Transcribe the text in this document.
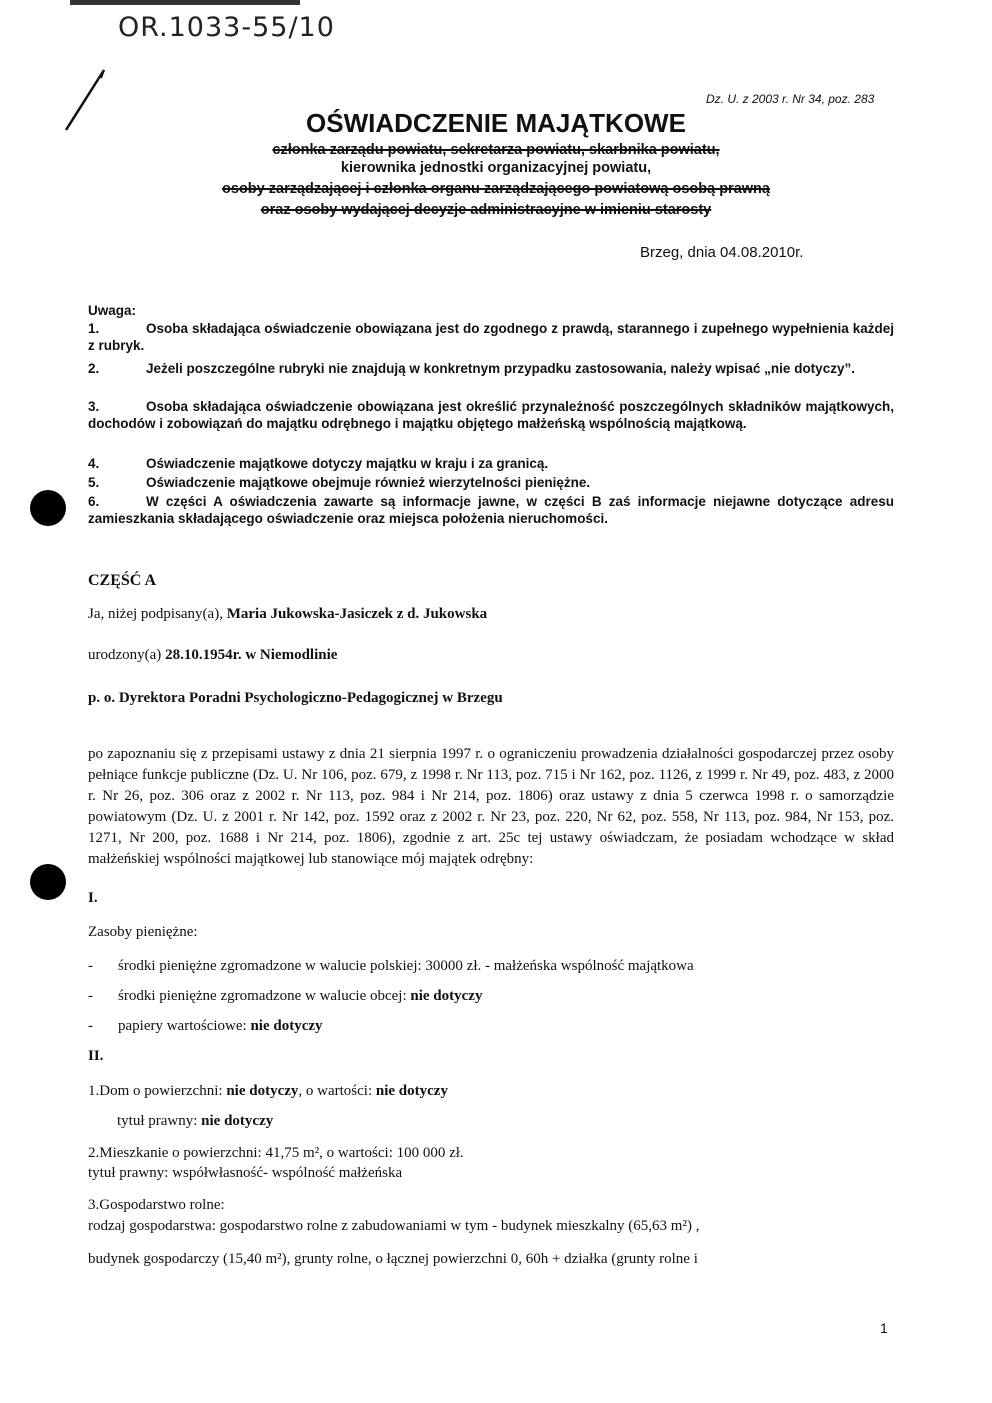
OR.1033-55/10
Dz. U. z 2003 r. Nr 34, poz. 283
OŚWIADCZENIE MAJĄTKOWE
członka zarządu powiatu, sekretarza powiatu, skarbnika powiatu,
kierownika jednostki organizacyjnej powiatu,
osoby zarządzającej i członka organu zarządzającego powiatową osobą prawną
oraz osoby wydającej decyzje administracyjne w imieniu starosty
Brzeg, dnia 04.08.2010r.
Uwaga:
1.	Osoba składająca oświadczenie obowiązana jest do zgodnego z prawdą, starannego i zupełnego wypełnienia każdej z rubryk.
2.	Jeżeli poszczególne rubryki nie znajdują w konkretnym przypadku zastosowania, należy wpisać „nie dotyczy”.
3.	Osoba składająca oświadczenie obowiązana jest określić przynależność poszczególnych składników majątkowych, dochodów i zobowiązań do majątku odrębnego i majątku objętego małżeńską wspólnością majątkową.
4.	Oświadczenie majątkowe dotyczy majątku w kraju i za granicą.
5.	Oświadczenie majątkowe obejmuje również wierzytelności pieniężne.
6.	W części A oświadczenia zawarte są informacje jawne, w części B zaś informacje niejawne dotyczące adresu zamieszkania składającego oświadczenie oraz miejsca położenia nieruchomości.
CZĘŚĆ A
Ja, niżej podpisany(a), Maria Jukowska-Jasiczek z d. Jukowska
urodzony(a) 28.10.1954r. w Niemodlinie
p. o. Dyrektora Poradni Psychologiczno-Pedagogicznej w Brzegu
po zapoznaniu się z przepisami ustawy z dnia 21 sierpnia 1997 r. o ograniczeniu prowadzenia działalności gospodarczej przez osoby pełniące funkcje publiczne (Dz. U. Nr 106, poz. 679, z 1998 r. Nr 113, poz. 715 i Nr 162, poz. 1126, z 1999 r. Nr 49, poz. 483, z 2000 r. Nr 26, poz. 306 oraz z 2002 r. Nr 113, poz. 984 i Nr 214, poz. 1806) oraz ustawy z dnia 5 czerwca 1998 r. o samorządzie powiatowym (Dz. U. z 2001 r. Nr 142, poz. 1592 oraz z 2002 r. Nr 23, poz. 220, Nr 62, poz. 558, Nr 113, poz. 984, Nr 153, poz. 1271, Nr 200, poz. 1688 i Nr 214, poz. 1806), zgodnie z art. 25c tej ustawy oświadczam, że posiadam wchodzące w skład małżeńskiej wspólności majątkowej lub stanowiące mój majątek odrębny:
I.
Zasoby pieniężne:
- środki pieniężne zgromadzone w walucie polskiej: 30000 zł. - małżeńska wspólność majątkowa
- środki pieniężne zgromadzone w walucie obcej: nie dotyczy
- papiery wartościowe: nie dotyczy
II.
1.Dom o powierzchni: nie dotyczy, o wartości: nie dotyczy
tytuł prawny: nie dotyczy
2.Mieszkanie o powierzchni: 41,75 m², o wartości: 100 000 zł.
tytuł prawny: współwłasność- wspólność małżeńska
3.Gospodarstwo rolne:
rodzaj gospodarstwa: gospodarstwo rolne z zabudowaniami w tym - budynek mieszkalny (65,63 m²) ,
budynek gospodarczy (15,40 m²), grunty rolne, o łącznej powierzchni 0, 60h + działka (grunty rolne i
1
